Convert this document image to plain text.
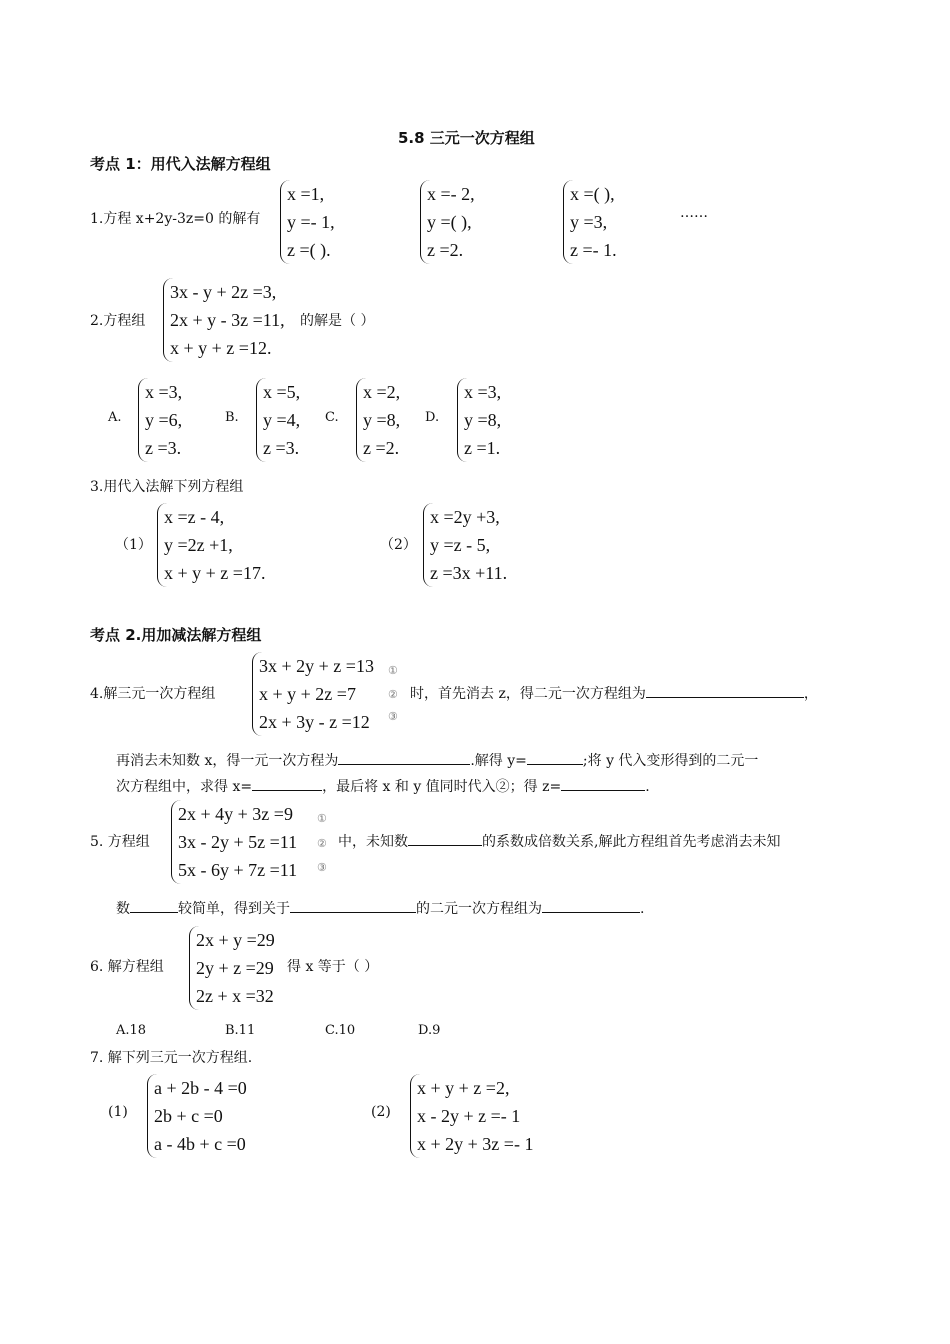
5.8 三元一次方程组
考点 1：用代入法解方程组
1.方程 x+2y-3z=0 的解有
x =1,
y =- 1,
z =( ).
x =- 2,
y =( ),
z =2.
x =( ),
y =3,
z =- 1.
……
2.方程组
3x - y + 2z =3,
2x + y - 3z =11,
x + y + z =12.
的解是（ ）
A.
x =3,
y =6,
z =3.
B.
x =5,
y =4,
z =3.
C.
x =2,
y =8,
z =2.
D.
x =3,
y =8,
z =1.
3.用代入法解下列方程组
（1）
x =z - 4,
y =2z +1,
x + y + z =17.
（2）
x =2y +3,
y =z - 5,
z =3x +11.
考点 2.用加减法解方程组
4.解三元一次方程组
3x + 2y + z =13
x + y + 2z =7
2x + 3y - z =12
①
②
③
时，首先消去 z，得二元一次方程组为	，
再消去未知数 x，得一元一次方程为	.解得 y=	;将 y 代入变形得到的二元一
次方程组中，求得 x=	，最后将 x 和 y 值同时代入②；得 z=	.
5. 方程组
2x + 4y + 3z =9
3x - 2y + 5z =11
5x - 6y + 7z =11
①
②
③
中，未知数	的系数成倍数关系,解此方程组首先考虑消去未知
数	较简单，得到关于	的二元一次方程组为	.
6. 解方程组
2x + y =29
2y + z =29
2z + x =32
得 x 等于（ ）
A.18	B.11	C.10	D.9
7. 解下列三元一次方程组.
(1)
a + 2b - 4 =0
2b + c =0
a - 4b + c =0
(2)
x + y + z =2,
x - 2y + z =- 1
x + 2y + 3z =- 1
